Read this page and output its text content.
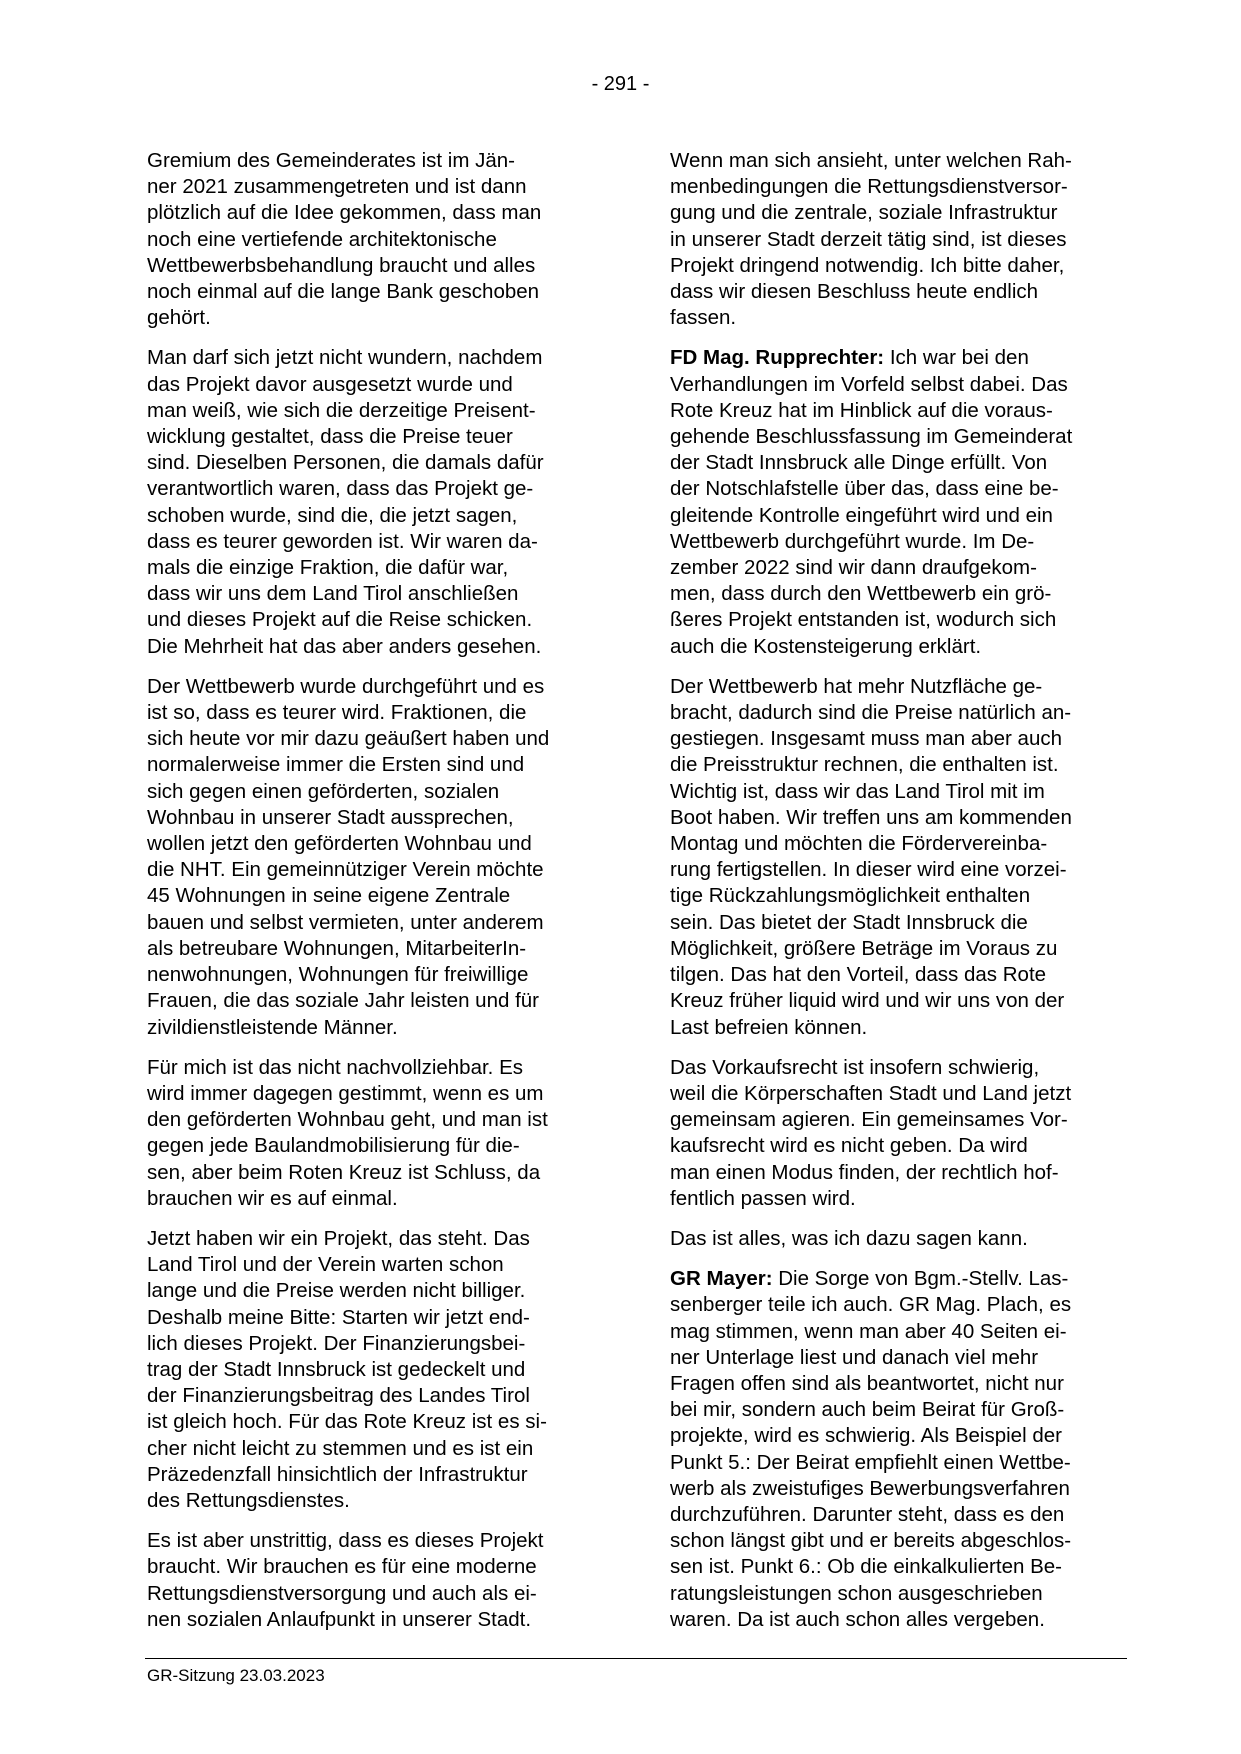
- 291 -

Gremium des Gemeinderates ist im Jän-
ner 2021 zusammengetreten und ist dann
plötzlich auf die Idee gekommen, dass man
noch eine vertiefende architektonische
Wettbewerbsbehandlung braucht und alles
noch einmal auf die lange Bank geschoben
gehört.

Man darf sich jetzt nicht wundern, nachdem
das Projekt davor ausgesetzt wurde und
man weiß, wie sich die derzeitige Preisent-
wicklung gestaltet, dass die Preise teuer
sind. Dieselben Personen, die damals dafür
verantwortlich waren, dass das Projekt ge-
schoben wurde, sind die, die jetzt sagen,
dass es teurer geworden ist. Wir waren da-
mals die einzige Fraktion, die dafür war,
dass wir uns dem Land Tirol anschließen
und dieses Projekt auf die Reise schicken.
Die Mehrheit hat das aber anders gesehen.

Der Wettbewerb wurde durchgeführt und es
ist so, dass es teurer wird. Fraktionen, die
sich heute vor mir dazu geäußert haben und
normalerweise immer die Ersten sind und
sich gegen einen geförderten, sozialen
Wohnbau in unserer Stadt aussprechen,
wollen jetzt den geförderten Wohnbau und
die NHT. Ein gemeinnütziger Verein möchte
45 Wohnungen in seine eigene Zentrale
bauen und selbst vermieten, unter anderem
als betreubare Wohnungen, MitarbeiterIn-
nenwohnungen, Wohnungen für freiwillige
Frauen, die das soziale Jahr leisten und für
zivildienstleistende Männer.

Für mich ist das nicht nachvollziehbar. Es
wird immer dagegen gestimmt, wenn es um
den geförderten Wohnbau geht, und man ist
gegen jede Baulandmobilisierung für die-
sen, aber beim Roten Kreuz ist Schluss, da
brauchen wir es auf einmal.

Jetzt haben wir ein Projekt, das steht. Das
Land Tirol und der Verein warten schon
lange und die Preise werden nicht billiger.
Deshalb meine Bitte: Starten wir jetzt end-
lich dieses Projekt. Der Finanzierungsbei-
trag der Stadt Innsbruck ist gedeckelt und
der Finanzierungsbeitrag des Landes Tirol
ist gleich hoch. Für das Rote Kreuz ist es si-
cher nicht leicht zu stemmen und es ist ein
Präzedenzfall hinsichtlich der Infrastruktur
des Rettungsdienstes.

Es ist aber unstrittig, dass es dieses Projekt
braucht. Wir brauchen es für eine moderne
Rettungsdienstversorgung und auch als ei-
nen sozialen Anlaufpunkt in unserer Stadt.

Wenn man sich ansieht, unter welchen Rah-
menbedingungen die Rettungsdienstversor-
gung und die zentrale, soziale Infrastruktur
in unserer Stadt derzeit tätig sind, ist dieses
Projekt dringend notwendig. Ich bitte daher,
dass wir diesen Beschluss heute endlich
fassen.

FD Mag. Rupprechter: Ich war bei den
Verhandlungen im Vorfeld selbst dabei. Das
Rote Kreuz hat im Hinblick auf die voraus-
gehende Beschlussfassung im Gemeinderat
der Stadt Innsbruck alle Dinge erfüllt. Von
der Notschlafstelle über das, dass eine be-
gleitende Kontrolle eingeführt wird und ein
Wettbewerb durchgeführt wurde. Im De-
zember 2022 sind wir dann draufgekom-
men, dass durch den Wettbewerb ein grö-
ßeres Projekt entstanden ist, wodurch sich
auch die Kostensteigerung erklärt.

Der Wettbewerb hat mehr Nutzfläche ge-
bracht, dadurch sind die Preise natürlich an-
gestiegen. Insgesamt muss man aber auch
die Preisstruktur rechnen, die enthalten ist.
Wichtig ist, dass wir das Land Tirol mit im
Boot haben. Wir treffen uns am kommenden
Montag und möchten die Fördervereinba-
rung fertigstellen. In dieser wird eine vorzei-
tige Rückzahlungsmöglichkeit enthalten
sein. Das bietet der Stadt Innsbruck die
Möglichkeit, größere Beträge im Voraus zu
tilgen. Das hat den Vorteil, dass das Rote
Kreuz früher liquid wird und wir uns von der
Last befreien können.

Das Vorkaufsrecht ist insofern schwierig,
weil die Körperschaften Stadt und Land jetzt
gemeinsam agieren. Ein gemeinsames Vor-
kaufsrecht wird es nicht geben. Da wird
man einen Modus finden, der rechtlich hof-
fentlich passen wird.

Das ist alles, was ich dazu sagen kann.

GR Mayer: Die Sorge von Bgm.-Stellv. Las-
senberger teile ich auch. GR Mag. Plach, es
mag stimmen, wenn man aber 40 Seiten ei-
ner Unterlage liest und danach viel mehr
Fragen offen sind als beantwortet, nicht nur
bei mir, sondern auch beim Beirat für Groß-
projekte, wird es schwierig. Als Beispiel der
Punkt 5.: Der Beirat empfiehlt einen Wettbe-
werb als zweistufiges Bewerbungsverfahren
durchzuführen. Darunter steht, dass es den
schon längst gibt und er bereits abgeschlos-
sen ist. Punkt 6.: Ob die einkalkulierten Be-
ratungsleistungen schon ausgeschrieben
waren. Da ist auch schon alles vergeben.

GR-Sitzung 23.03.2023
